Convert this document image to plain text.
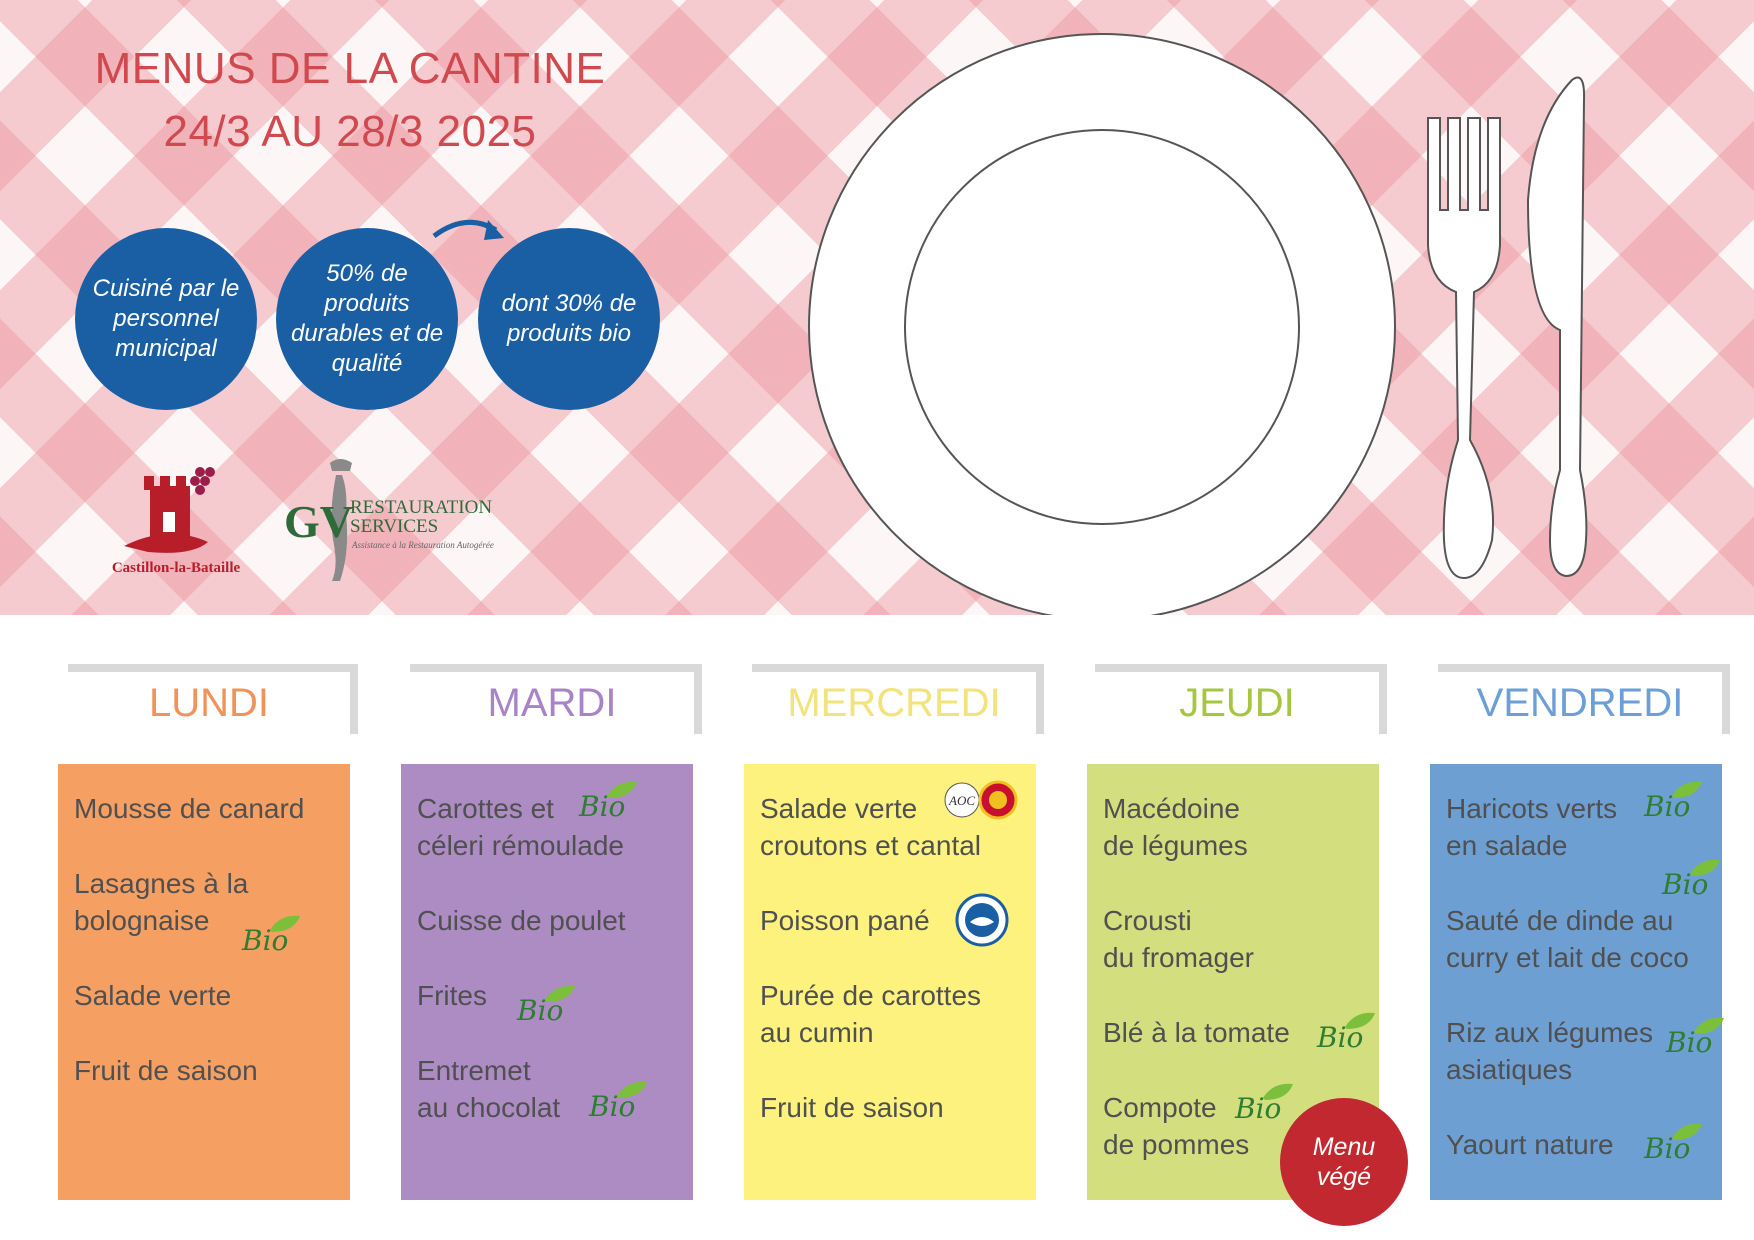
MENUS DE LA CANTINE
24/3 AU 28/3 2025
Cuisiné par le personnel municipal
50% de produits durables et de qualité
dont 30% de produits bio
Castillon-la-Bataille
GV
RESTAURATION
SERVICES
Assistance à la Restauration Autogérée
LUNDI	MARDI	MERCREDI	JEUDI	VENDREDI
Mousse de canard
Lasagnes à la
bolognaise
Salade verte
Fruit de saison
Bio
Carottes et
céleri rémoulade
Cuisse de poulet
Frites
Entremet
au chocolat
Bio
Bio
Bio
Salade verte
croutons et cantal
Poisson pané
Purée de carottes
au cumin
Fruit de saison
AOC	Macédoine
de légumes
Crousti
du fromager
Blé à la tomate
Compote
de pommes
Bio
Bio
Haricots verts
en salade
Sauté de dinde au
curry et lait de coco
Riz aux légumes
asiatiques
Yaourt nature
Bio
Bio
Bio
Bio
Menu
végé
